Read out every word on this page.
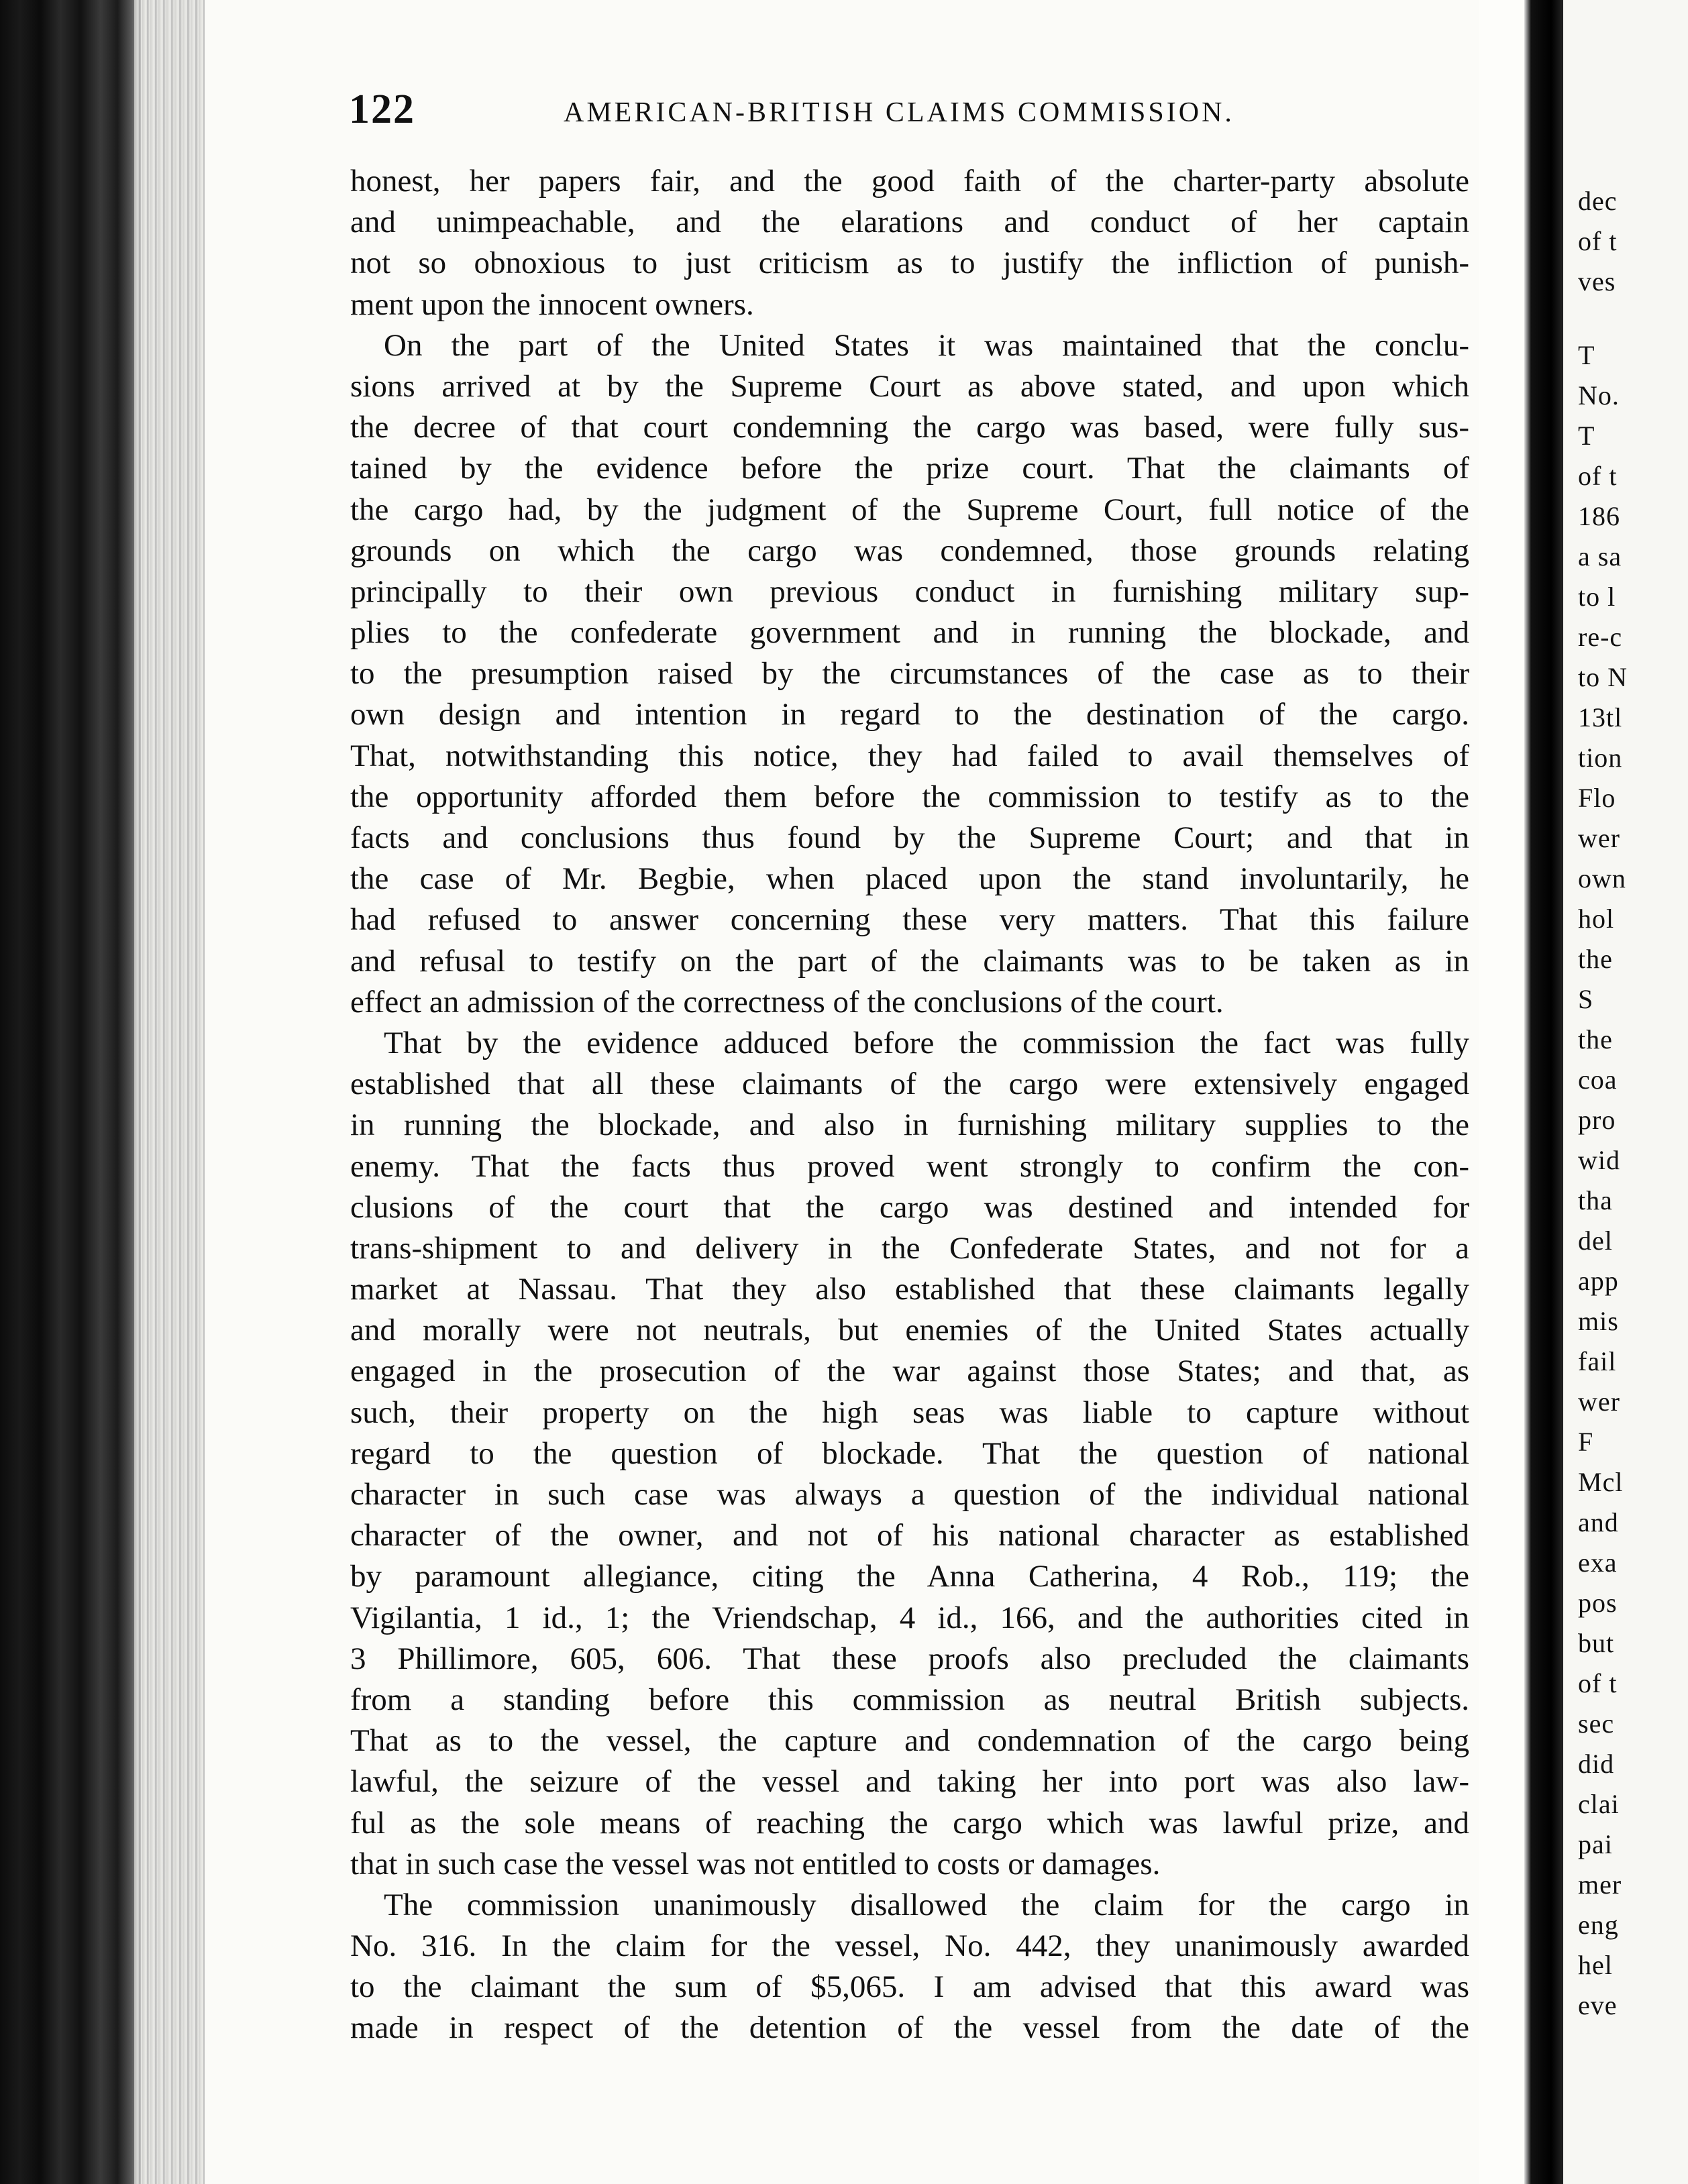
122	AMERICAN-BRITISH CLAIMS COMMISSION.
honest, her papers fair, and the good faith of the charter-party absolute
and unimpeachable, and the elarations and conduct of her captain
not so obnoxious to just criticism as to justify the infliction of punish-
ment upon the innocent owners.
On the part of the United States it was maintained that the conclu-
sions arrived at by the Supreme Court as above stated, and upon which
the decree of that court condemning the cargo was based, were fully sus-
tained by the evidence before the prize court. That the claimants of
the cargo had, by the judgment of the Supreme Court, full notice of the
grounds on which the cargo was condemned, those grounds relating
principally to their own previous conduct in furnishing military sup-
plies to the confederate government and in running the blockade, and
to the presumption raised by the circumstances of the case as to their
own design and intention in regard to the destination of the cargo.
That, notwithstanding this notice, they had failed to avail themselves of
the opportunity afforded them before the commission to testify as to the
facts and conclusions thus found by the Supreme Court; and that in
the case of Mr. Begbie, when placed upon the stand involuntarily, he
had refused to answer concerning these very matters. That this failure
and refusal to testify on the part of the claimants was to be taken as in
effect an admission of the correctness of the conclusions of the court.
That by the evidence adduced before the commission the fact was fully
established that all these claimants of the cargo were extensively engaged
in running the blockade, and also in furnishing military supplies to the
enemy. That the facts thus proved went strongly to confirm the con-
clusions of the court that the cargo was destined and intended for
trans-shipment to and delivery in the Confederate States, and not for a
market at Nassau. That they also established that these claimants legally
and morally were not neutrals, but enemies of the United States actually
engaged in the prosecution of the war against those States; and that, as
such, their property on the high seas was liable to capture without
regard to the question of blockade. That the question of national
character in such case was always a question of the individual national
character of the owner, and not of his national character as established
by paramount allegiance, citing the Anna Catherina, 4 Rob., 119; the
Vigilantia, 1 id., 1; the Vriendschap, 4 id., 166, and the authorities cited in
3 Phillimore, 605, 606. That these proofs also precluded the claimants
from a standing before this commission as neutral British subjects.
That as to the vessel, the capture and condemnation of the cargo being
lawful, the seizure of the vessel and taking her into port was also law-
ful as the sole means of reaching the cargo which was lawful prize, and
that in such case the vessel was not entitled to costs or damages.
The commission unanimously disallowed the claim for the cargo in
No. 316. In the claim for the vessel, No. 442, they unanimously awarded
to the claimant the sum of $5,065. I am advised that this award was
made in respect of the detention of the vessel from the date of the
dec
of t
ves
T
No.
T
of t
186
a sa
to l
re-c
to N
13tl
tion
Flo
wer
own
hol
the
S
the
coa
pro
wid
tha
del
app
mis
fail
wer
F
Mcl
and
exa
pos
but
of t
sec
did
clai
pai
mer
eng
hel
eve
